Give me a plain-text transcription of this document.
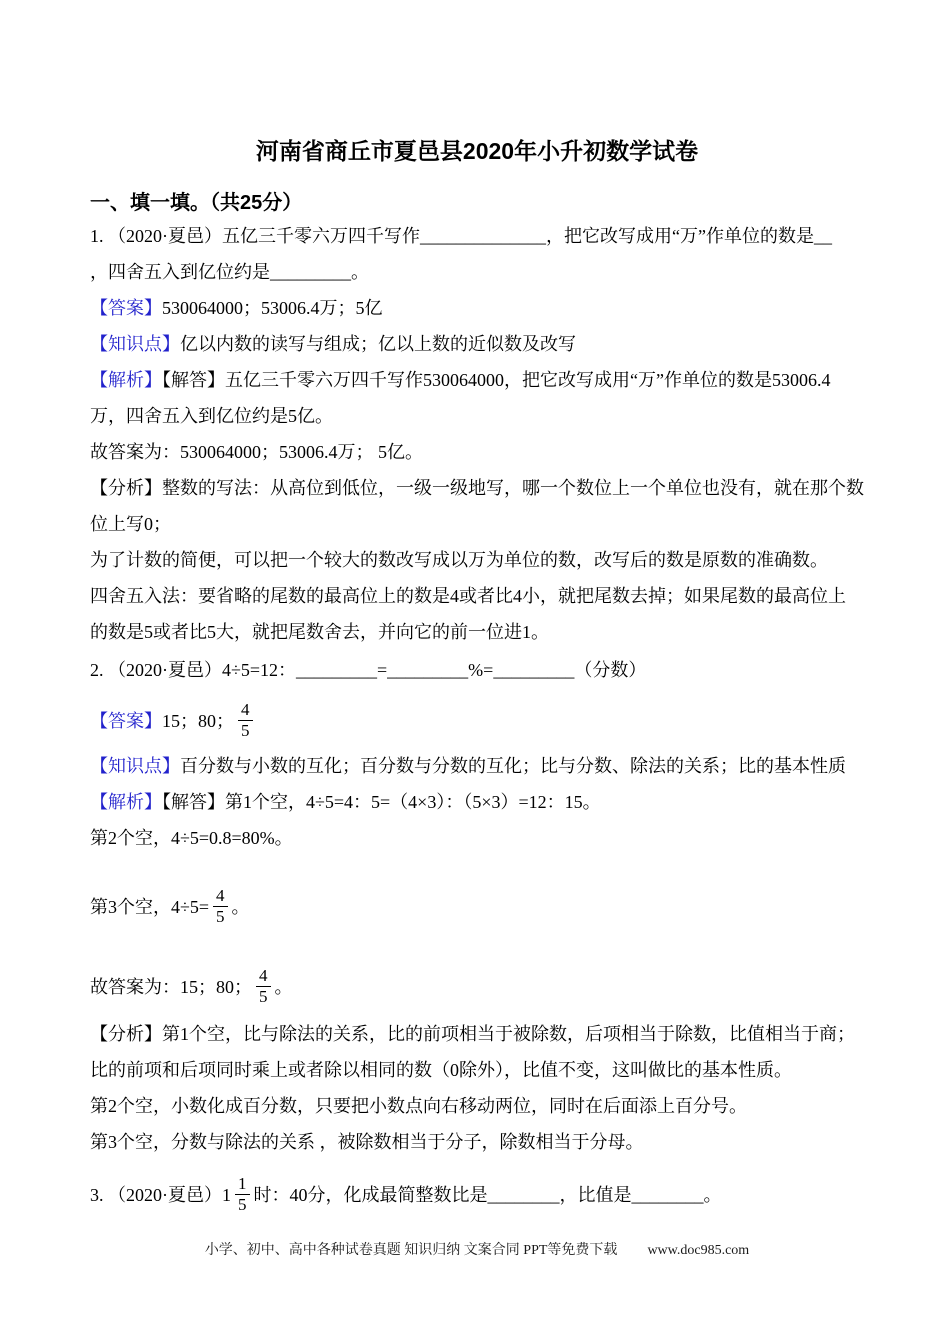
河南省商丘市夏邑县2020年小升初数学试卷
一、填一填。（共25分）
1. （2020·夏邑）五亿三千零六万四千写作______________，把它改写成用“万”作单位的数是__
，四舍五入到亿位约是_________。
【答案】530064000；53006.4万；5亿
【知识点】亿以内数的读写与组成；亿以上数的近似数及改写
【解析】【解答】五亿三千零六万四千写作530064000，把它改写成用“万”作单位的数是53006.4
万，四舍五入到亿位约是5亿。
故答案为：530064000；53006.4万； 5亿。
【分析】整数的写法：从高位到低位，一级一级地写，哪一个数位上一个单位也没有，就在那个数
位上写0；
为了计数的简便，可以把一个较大的数改写成以万为单位的数，改写后的数是原数的准确数。
四舍五入法：要省略的尾数的最高位上的数是4或者比4小，就把尾数去掉；如果尾数的最高位上
的数是5或者比5大，就把尾数舍去，并向它的前一位进1。
2. （2020·夏邑）4÷5=12：_________=_________%=_________（分数）
【答案】 15；80； $\frac{4}{5}$
【知识点】百分数与小数的互化；百分数与分数的互化；比与分数、除法的关系；比的基本性质
【解析】【解答】第1个空，4÷5=4：5=（4×3）：（5×3）=12：15。
第2个空，4÷5=0.8=80%。
第3个空，$4\div 5= \frac{4}{5}$ 。
故答案为：15；80； $\frac{4}{5}$ 。
【分析】第1个空，比与除法的关系，比的前项相当于被除数，后项相当于除数，比值相当于商；
比的前项和后项同时乘上或者除以相同的数（0除外），比值不变，这叫做比的基本性质。
第2个空，小数化成百分数，只要把小数点向右移动两位，同时在后面添上百分号。
第3个空，分数与除法的关系 ，被除数相当于分子，除数相当于分母。
3. （2020·夏邑）$1 \frac{1}{5}$ 时：40分，化成最简整数比是________，比值是________。
小学、初中、高中各种试卷真题 知识归纳 文案合同 PPT等免费下载 www.doc985.com
